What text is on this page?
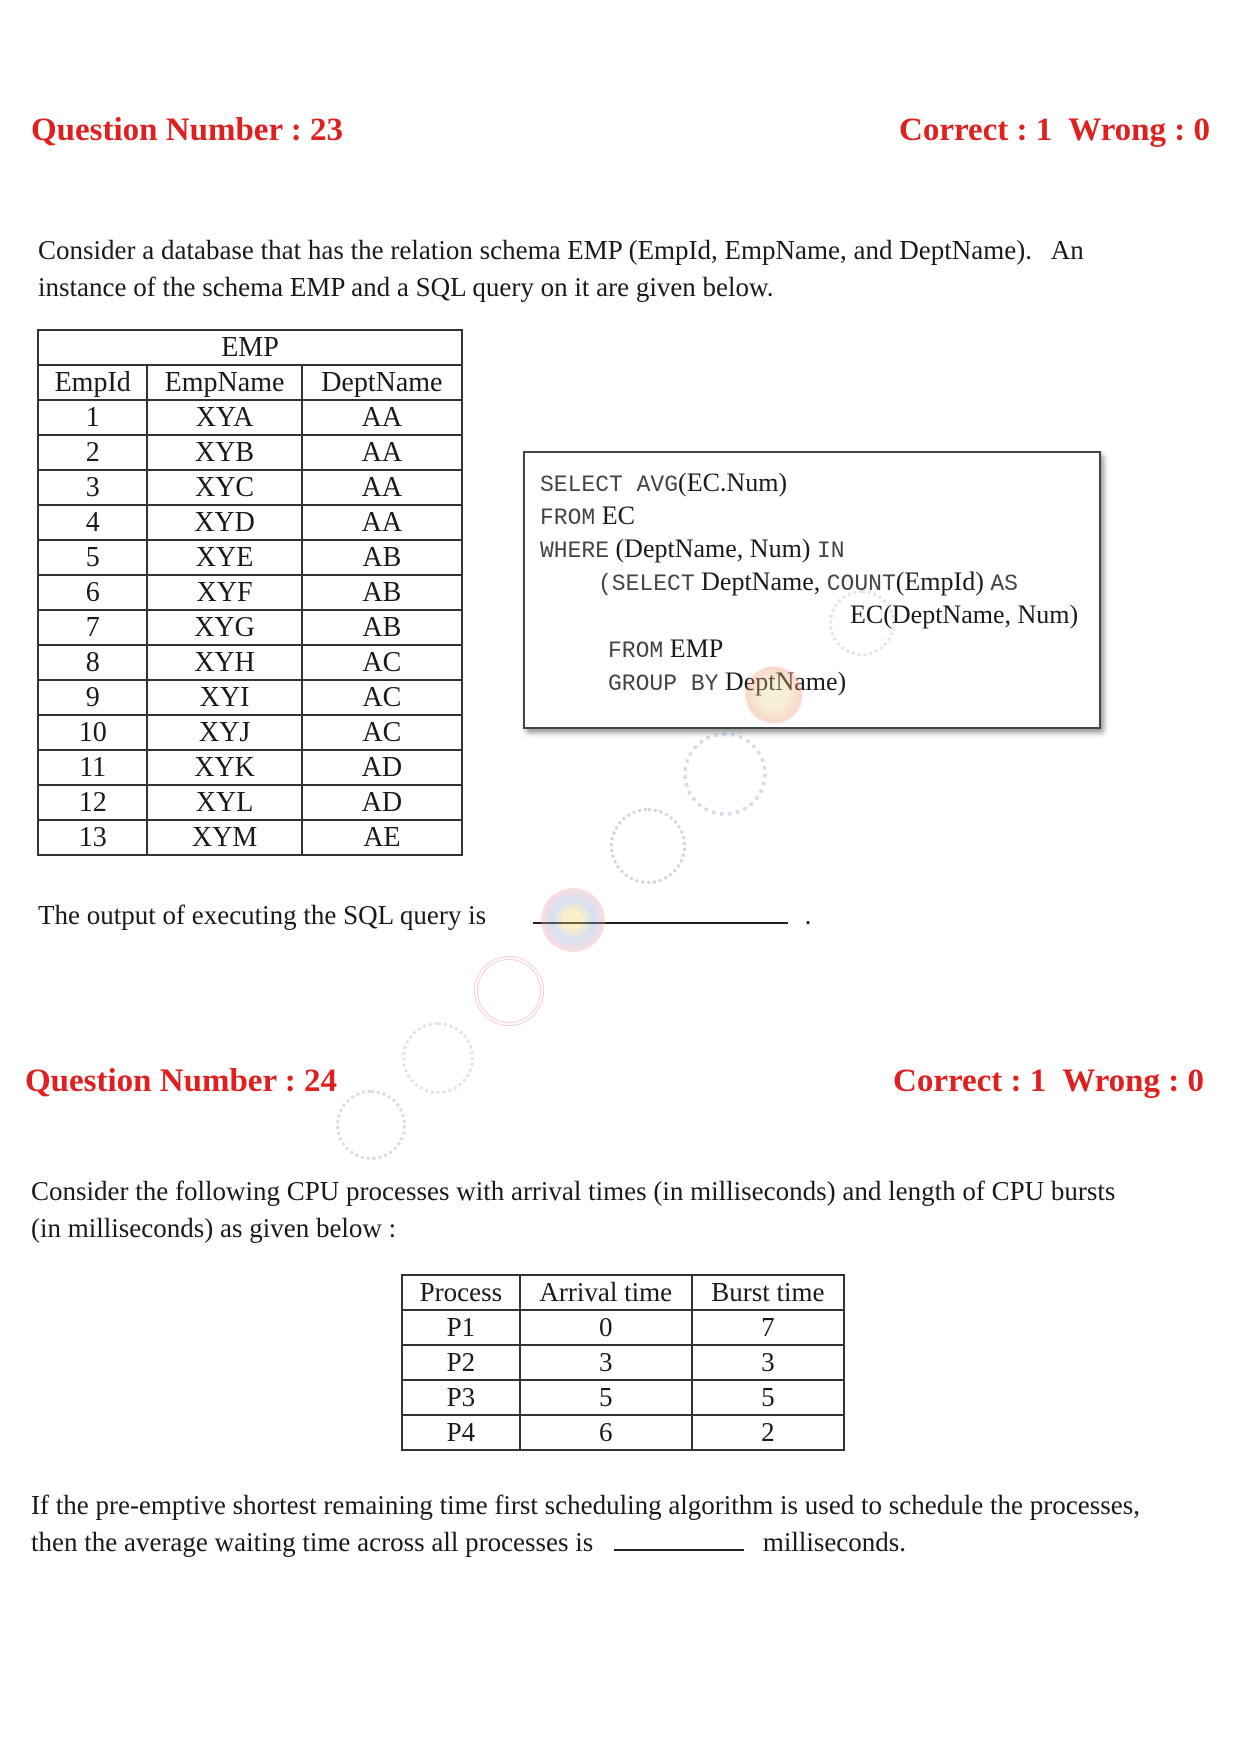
Question Number : 23	Correct : 1 Wrong : 0
Consider a database that has the relation schema EMP (EmpId, EmpName, and DeptName).   An
instance of the schema EMP and a SQL query on it are given below.
EMP		
EmpId	EmpName	DeptName
1	XYA	AA
2	XYB	AA
3	XYC	AA
4	XYD	AA
5	XYE	AB
6	XYF	AB
7	XYG	AB
8	XYH	AC
9	XYI	AC
10	XYJ	AC
11	XYK	AD
12	XYL	AD
13	XYM	AE
SELECT AVG(EC.Num)
FROM EC
WHERE (DeptName, Num) IN
(SELECT DeptName, COUNT(EmpId) AS
EC(DeptName, Num)
FROM EMP
GROUP BY DeptName)
The output of executing the SQL query is	.
Question Number : 24	Correct : 1 Wrong : 0
Consider the following CPU processes with arrival times (in milliseconds) and length of CPU bursts
(in milliseconds) as given below :
Process	Arrival time	Burst time
P1	0	7
P2	3	3
P3	5	5
P4	6	2
If the pre-emptive shortest remaining time first scheduling algorithm is used to schedule the processes,
then the average waiting time across all processes is	milliseconds.
